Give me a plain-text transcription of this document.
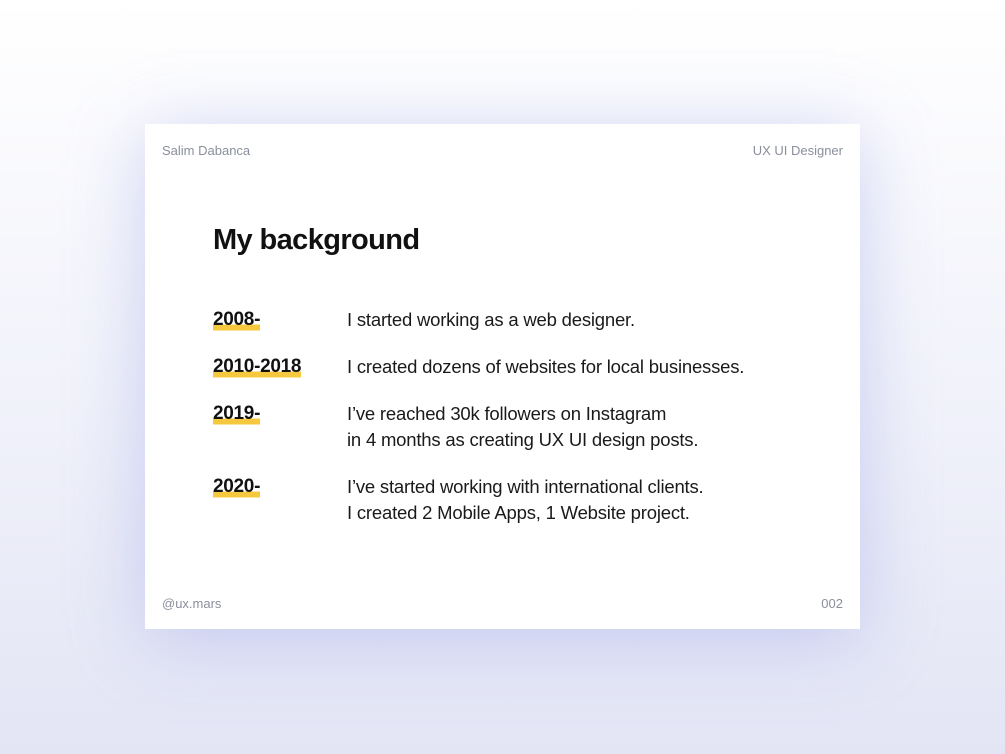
Salim Dabanca	UX UI Designer
My background
2008-	I started working as a web designer.
2010-2018	I created dozens of websites for local businesses.
2019-	I’ve reached 30k followers on Instagram
in 4 months as creating UX UI design posts.
2020-	I’ve started working with international clients.
I created 2 Mobile Apps, 1 Website project.
@ux.mars	002
